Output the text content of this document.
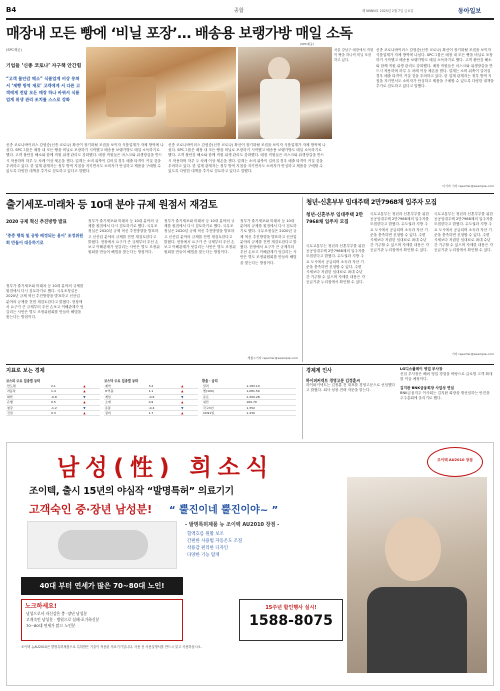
B4	종합	제 NNNN호 2025년 2월 7일 금요일	동아일보
매장내 모든 빵에 ‘비닐 포장’… 배송용 보랭가방 매일 소독
(SPC제공)
기업들 ‘신종 코로나’ 자구책 안간힘
“고객 불안감 해소” 식품업계 비상 뭉쳐서 ‘제빵 방역 제로’ 고객에게 서 다른 고객에게 전달 모든 매장 하나 바꿔서 식품업계 위생 관리 조치를 스스로 강화
(SPC제공)
서울 강남구 매장에서 직원이 빵을 하나씩 비닐 포장하고 있다.
신종 코로나바이러스 감염증(신종 코로나) 확산이 장기화될 조짐을 보이자 식품업계가 자체 방역에 나섰다. SPC그룹은 매장 내 모든 빵을 비닐로 포장하기 시작했고 배송용 보랭가방도 매일 소독하기로 했다. 고객 불안감 해소와 함께 직원 위생 관리도 강화했다. 매장 직원들은 마스크와 위생장갑을 반드시 착용하며 하루 두 차례 이상 체온을 잰다. 업계는 소비 위축이 길어질 경우 매출 타격이 커질 것을 우려하고 있다. 한 업계 관계자는 정부 방역 지침을 지키면서도 소비자가 안심하고 제품을 구매할 수 있도록 다양한 대책을 추가로 검토하고 있다고 말했다.
신종 코로나바이러스 감염증(신종 코로나) 확산이 장기화될 조짐을 보이자 식품업계가 자체 방역에 나섰다. SPC그룹은 매장 내 모든 빵을 비닐로 포장하기 시작했고 배송용 보랭가방도 매일 소독하기로 했다. 고객 불안감 해소와 함께 직원 위생 관리도 강화했다. 매장 직원들은 마스크와 위생장갑을 반드시 착용하며 하루 두 차례 이상 체온을 잰다. 업계는 소비 위축이 길어질 경우 매출 타격이 커질 것을 우려하고 있다. 한 업계 관계자는 정부 방역 지침을 지키면서도 소비자가 안심하고 제품을 구매할 수 있도록 다양한 대책을 추가로 검토하고 있다고 말했다.
신종 코로나바이러스 감염증(신종 코로나) 확산이 장기화될 조짐을 보이자 식품업계가 자체 방역에 나섰다. SPC그룹은 매장 내 모든 빵을 비닐로 포장하기 시작했고 배송용 보랭가방도 매일 소독하기로 했다. 고객 불안감 해소와 함께 직원 위생 관리도 강화했다. 매장 직원들은 마스크와 위생장갑을 반드시 착용하며 하루 두 차례 이상 체온을 잰다. 업계는 소비 위축이 길어질 경우 매출 타격이 커질 것을 우려하고 있다. 한 업계 관계자는 정부 방역 지침을 지키면서도 소비자가 안심하고 제품을 구매할 수 있도록 다양한 대책을 추가로 검토하고 있다고 말했다.
이기자 기자 reporter@example.com
출기세포-미래차 등 10대 분야 규제 원점서 재검토
2020 규제 혁신 추진방향 발표
‘중층 행특 및 공항 배정되는 용어’ 조정위원회 만들어 대응하기로
정부가 줄기세포와 미래차 등 10대 분야의 규제를 원점에서 다시 검토하기로 했다. 국무조정실은 2020년 규제 혁신 추진방향을 발표하고 신산업 분야의 규제를 전면 재검토한다고 밝혔다. 현장에서 요구가 큰 규제부터 우선 손보고 이해관계가 엇갈리는 사안은 별도 조정위원회를 만들어 해법을 찾는다는 방침이다.
정부가 줄기세포와 미래차 등 10대 분야의 규제를 원점에서 다시 검토하기로 했다. 국무조정실은 2020년 규제 혁신 추진방향을 발표하고 신산업 분야의 규제를 전면 재검토한다고 밝혔다. 현장에서 요구가 큰 규제부터 우선 손보고 이해관계가 엇갈리는 사안은 별도 조정위원회를 만들어 해법을 찾는다는 방침이다.
정부가 줄기세포와 미래차 등 10대 분야의 규제를 원점에서 다시 검토하기로 했다. 국무조정실은 2020년 규제 혁신 추진방향을 발표하고 신산업 분야의 규제를 전면 재검토한다고 밝혔다. 현장에서 요구가 큰 규제부터 우선 손보고 이해관계가 엇갈리는 사안은 별도 조정위원회를 만들어 해법을 찾는다는 방침이다.
정부가 줄기세포와 미래차 등 10대 분야의 규제를 원점에서 다시 검토하기로 했다. 국무조정실은 2020년 규제 혁신 추진방향을 발표하고 신산업 분야의 규제를 전면 재검토한다고 밝혔다. 현장에서 요구가 큰 규제부터 우선 손보고 이해관계가 엇갈리는 사안은 별도 조정위원회를 만들어 해법을 찾는다는 방침이다.
세종=기자 reporter@example.com
청년-신혼부부 임대주택 2만7968채 입주자 모집
청년-신혼부부 임대주택 2만7968채 입주자 모집
국토교통부는 청년과 신혼부부를 위한 공공임대주택 2만7968채의 입주자를 모집한다고 밝혔다. 수도권과 지방 주요 도시에서 공급되며 소득과 자산 기준을 충족하면 신청할 수 있다. 주변 시세보다 저렴한 임대료로 최대 수년간 거주할 수 있으며 자세한 내용은 각 공급기관 누리집에서 확인할 수 있다.
국토교통부는 청년과 신혼부부를 위한 공공임대주택 2만7968채의 입주자를 모집한다고 밝혔다. 수도권과 지방 주요 도시에서 공급되며 소득과 자산 기준을 충족하면 신청할 수 있다. 주변 시세보다 저렴한 임대료로 최대 수년간 거주할 수 있으며 자세한 내용은 각 공급기관 누리집에서 확인할 수 있다.
국토교통부는 청년과 신혼부부를 위한 공공임대주택 2만7968채의 입주자를 모집한다고 밝혔다. 수도권과 지방 주요 도시에서 공급되며 소득과 자산 기준을 충족하면 신청할 수 있다. 주변 시세보다 저렴한 임대료로 최대 수년간 거주할 수 있으며 자세한 내용은 각 공급기관 누리집에서 확인할 수 있다.
기자 reporter@example.com
지표로 보는 경제
코스피 주요 업종별 등락
반도체	2.1	▲
자동차	1.4	▲
화학	-0.8	▼
은행	0.5	▲
철강	-1.2	▼
건설	0.3	▲
코스닥 주요 업종별 등락
제약	3.2	▲
IT부품	1.1	▲
게임	-0.6	▼
소재	0.9	▲
유통	-0.4	▼
장비	1.7	▲
환율 · 금리
달러	1,183.10
엔(100)	1,081.50
유로	1,300.28
위안	169.70
국고3년	1.352
CD91일	1.430
경제계 인사
하이퍼커넥트 경영고문 김정훈씨
하이퍼커넥트는 김정훈 전 대표를 경영고문으로 선임했다고 밝혔다. 회사 성장 전략 자문을 맡는다.
LG디스플레이 영업 부사장
신임 부사장은 해외 영업 경험을 바탕으로 글로벌 고객 확대를 이끌 예정이다.
김지완 BNK금융회장 사업성 연임
BNK금융지주 이사회는 김지완 회장을 재선임하는 안건을 주주총회에 올리기로 했다.
남성(性) 희소식
조이텍, 출시 15년의 야심작 “발명특허” 의료기기
고객숙인 중·장년 남성분! “ 뿔진이네 뿔진이야~ ”
- 발명특허제품 뉴 조이텍 AU2010 장점 -
혈액흐름 원활 보조
간편한 사용법 자동온도 조절
착용감 편리한 디자인
다양한 기능 탑재
40대 부터 연세가 많은 70~80대 노인!
노크하세요!
남성으로서 자신감은 충 ·장년 남성분
고개숙인 남성분 · 병원으로 실패·포기하신분
70~80대 연세가 많으 노인분
조이텍 AU2010 장점
15주년 할인행사 실시!
1588-8075
조이텍 뉴AU2010은 발명특허제품으로 특허받은 기술이 적용된 의료기기입니다. 사용 전 사용설명서를 반드시 읽고 사용하십시오.
